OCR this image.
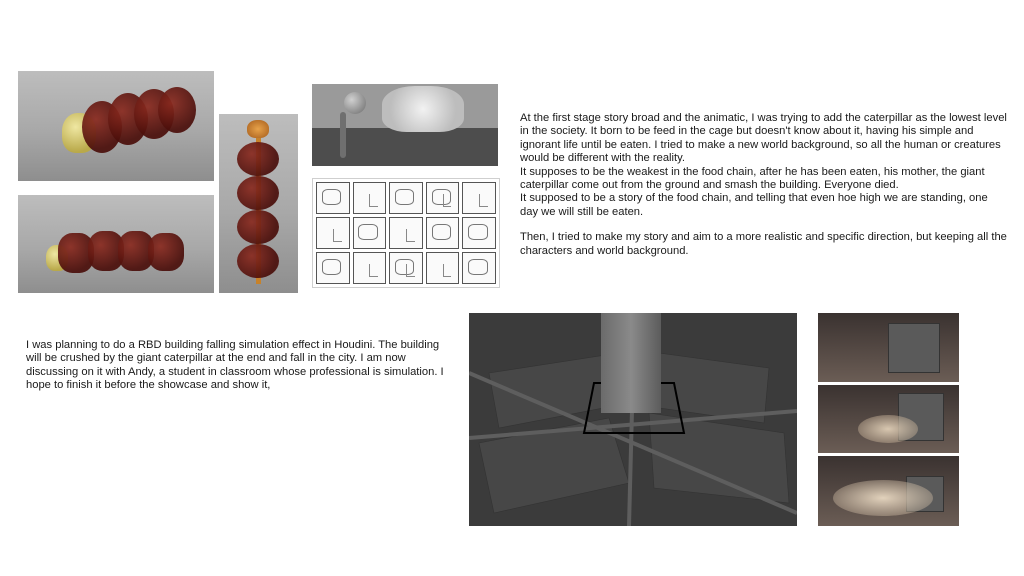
At the first stage story broad and the animatic, I was trying to add the caterpillar as the lowest level in the society. It born to be feed in the cage but doesn't know about it, having his simple and ignorant life until be eaten. I tried to make a new world background, so all the human or creatures would be different with the reality.

It supposes to be the weakest in the food chain, after he has been eaten, his mother, the giant caterpillar come out from the ground and smash the building. Everyone died.

It supposed to be a story of the food chain, and telling that even hoe high we are standing, one day we will still be eaten.

Then, I tried to make my story and aim to a more realistic and specific direction, but keeping all the characters and world background.

I was planning to do a RBD building falling simulation effect in Houdini. The building will be crushed by the giant caterpillar at the end and fall in the city. I am now discussing on it with Andy, a student in classroom whose professional is simulation. I hope to finish it before the showcase and show it,
